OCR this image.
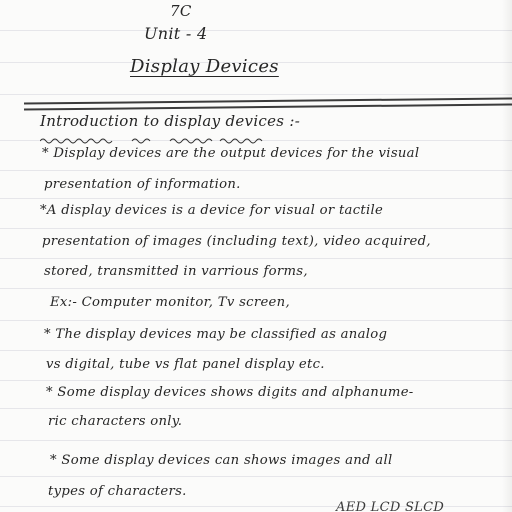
7C
Unit - 4
Display Devices
Introduction to display devices :-
* Display devices are the output devices for the visual
presentation of information.
*A display devices is a device for visual or tactile
presentation of images (including text), video acquired,
stored, transmitted in varrious forms,
Ex:- Computer monitor, Tv screen,
* The display devices may be classified as analog
vs digital, tube vs flat panel display etc.
* Some display devices shows digits and alphanume-
ric characters only.
* Some display devices can shows images and all
types of characters.
AED LCD SLCD
